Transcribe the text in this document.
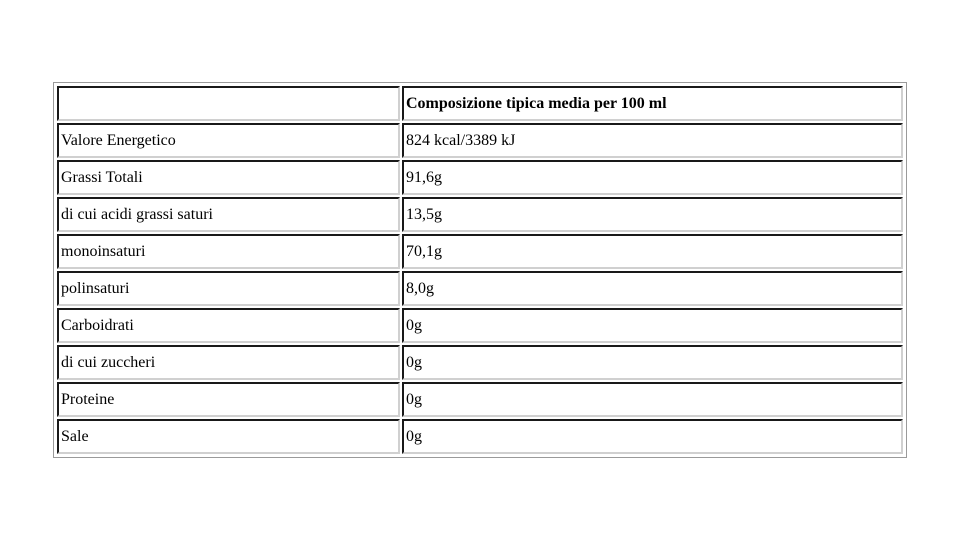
	Composizione tipica media per 100 ml
Valore Energetico	824 kcal/3389 kJ
Grassi Totali	91,6g
di cui acidi grassi saturi	13,5g
monoinsaturi	70,1g
polinsaturi	8,0g
Carboidrati	0g
di cui zuccheri	0g
Proteine	0g
Sale	0g
